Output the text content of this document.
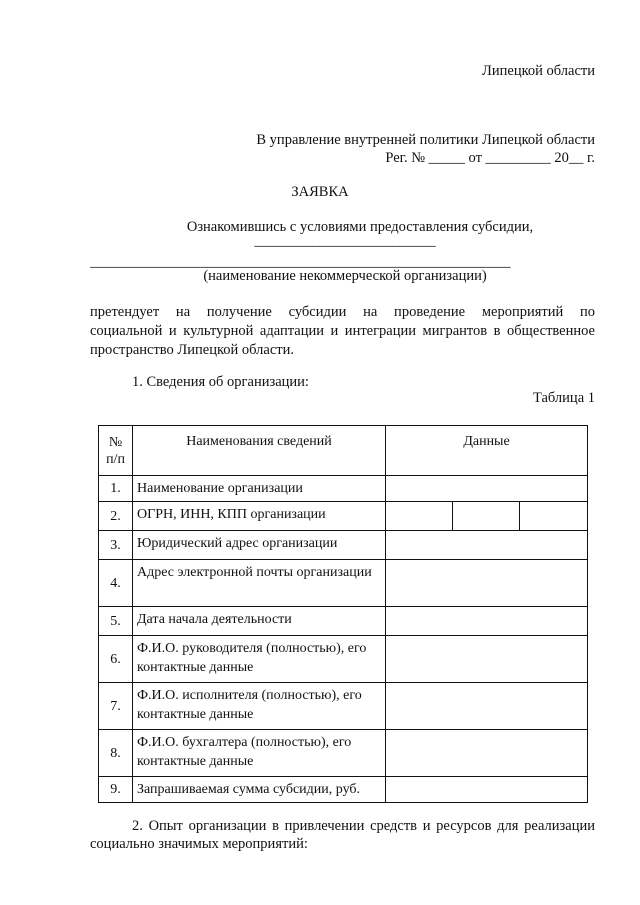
Липецкой области
В управление внутренней политики Липецкой области
Рег. № _____ от _________ 20__ г.
ЗАЯВКА
Ознакомившись с условиями предоставления субсидии,
_________________________
__________________________________________________________
(наименование некоммерческой организации)
претендует на получение субсидии на проведение мероприятий по
социальной и культурной адаптации и интеграции мигрантов в общественное
пространство Липецкой области.
1. Сведения об организации:
Таблица 1
№ п/п	Наименования сведений	Данные		
1.	Наименование организации			
2.	ОГРН, ИНН, КПП организации			
3.	Юридический адрес организации			
4.	Адрес электронной почты организации			
5.	Дата начала деятельности			
6.	Ф.И.О. руководителя (полностью), его контактные данные			
7.	Ф.И.О. исполнителя (полностью), его контактные данные			
8.	Ф.И.О. бухгалтера (полностью), его контактные данные			
9.	Запрашиваемая сумма субсидии, руб.			
2. Опыт организации в привлечении средств и ресурсов для реализации
социально значимых мероприятий:
